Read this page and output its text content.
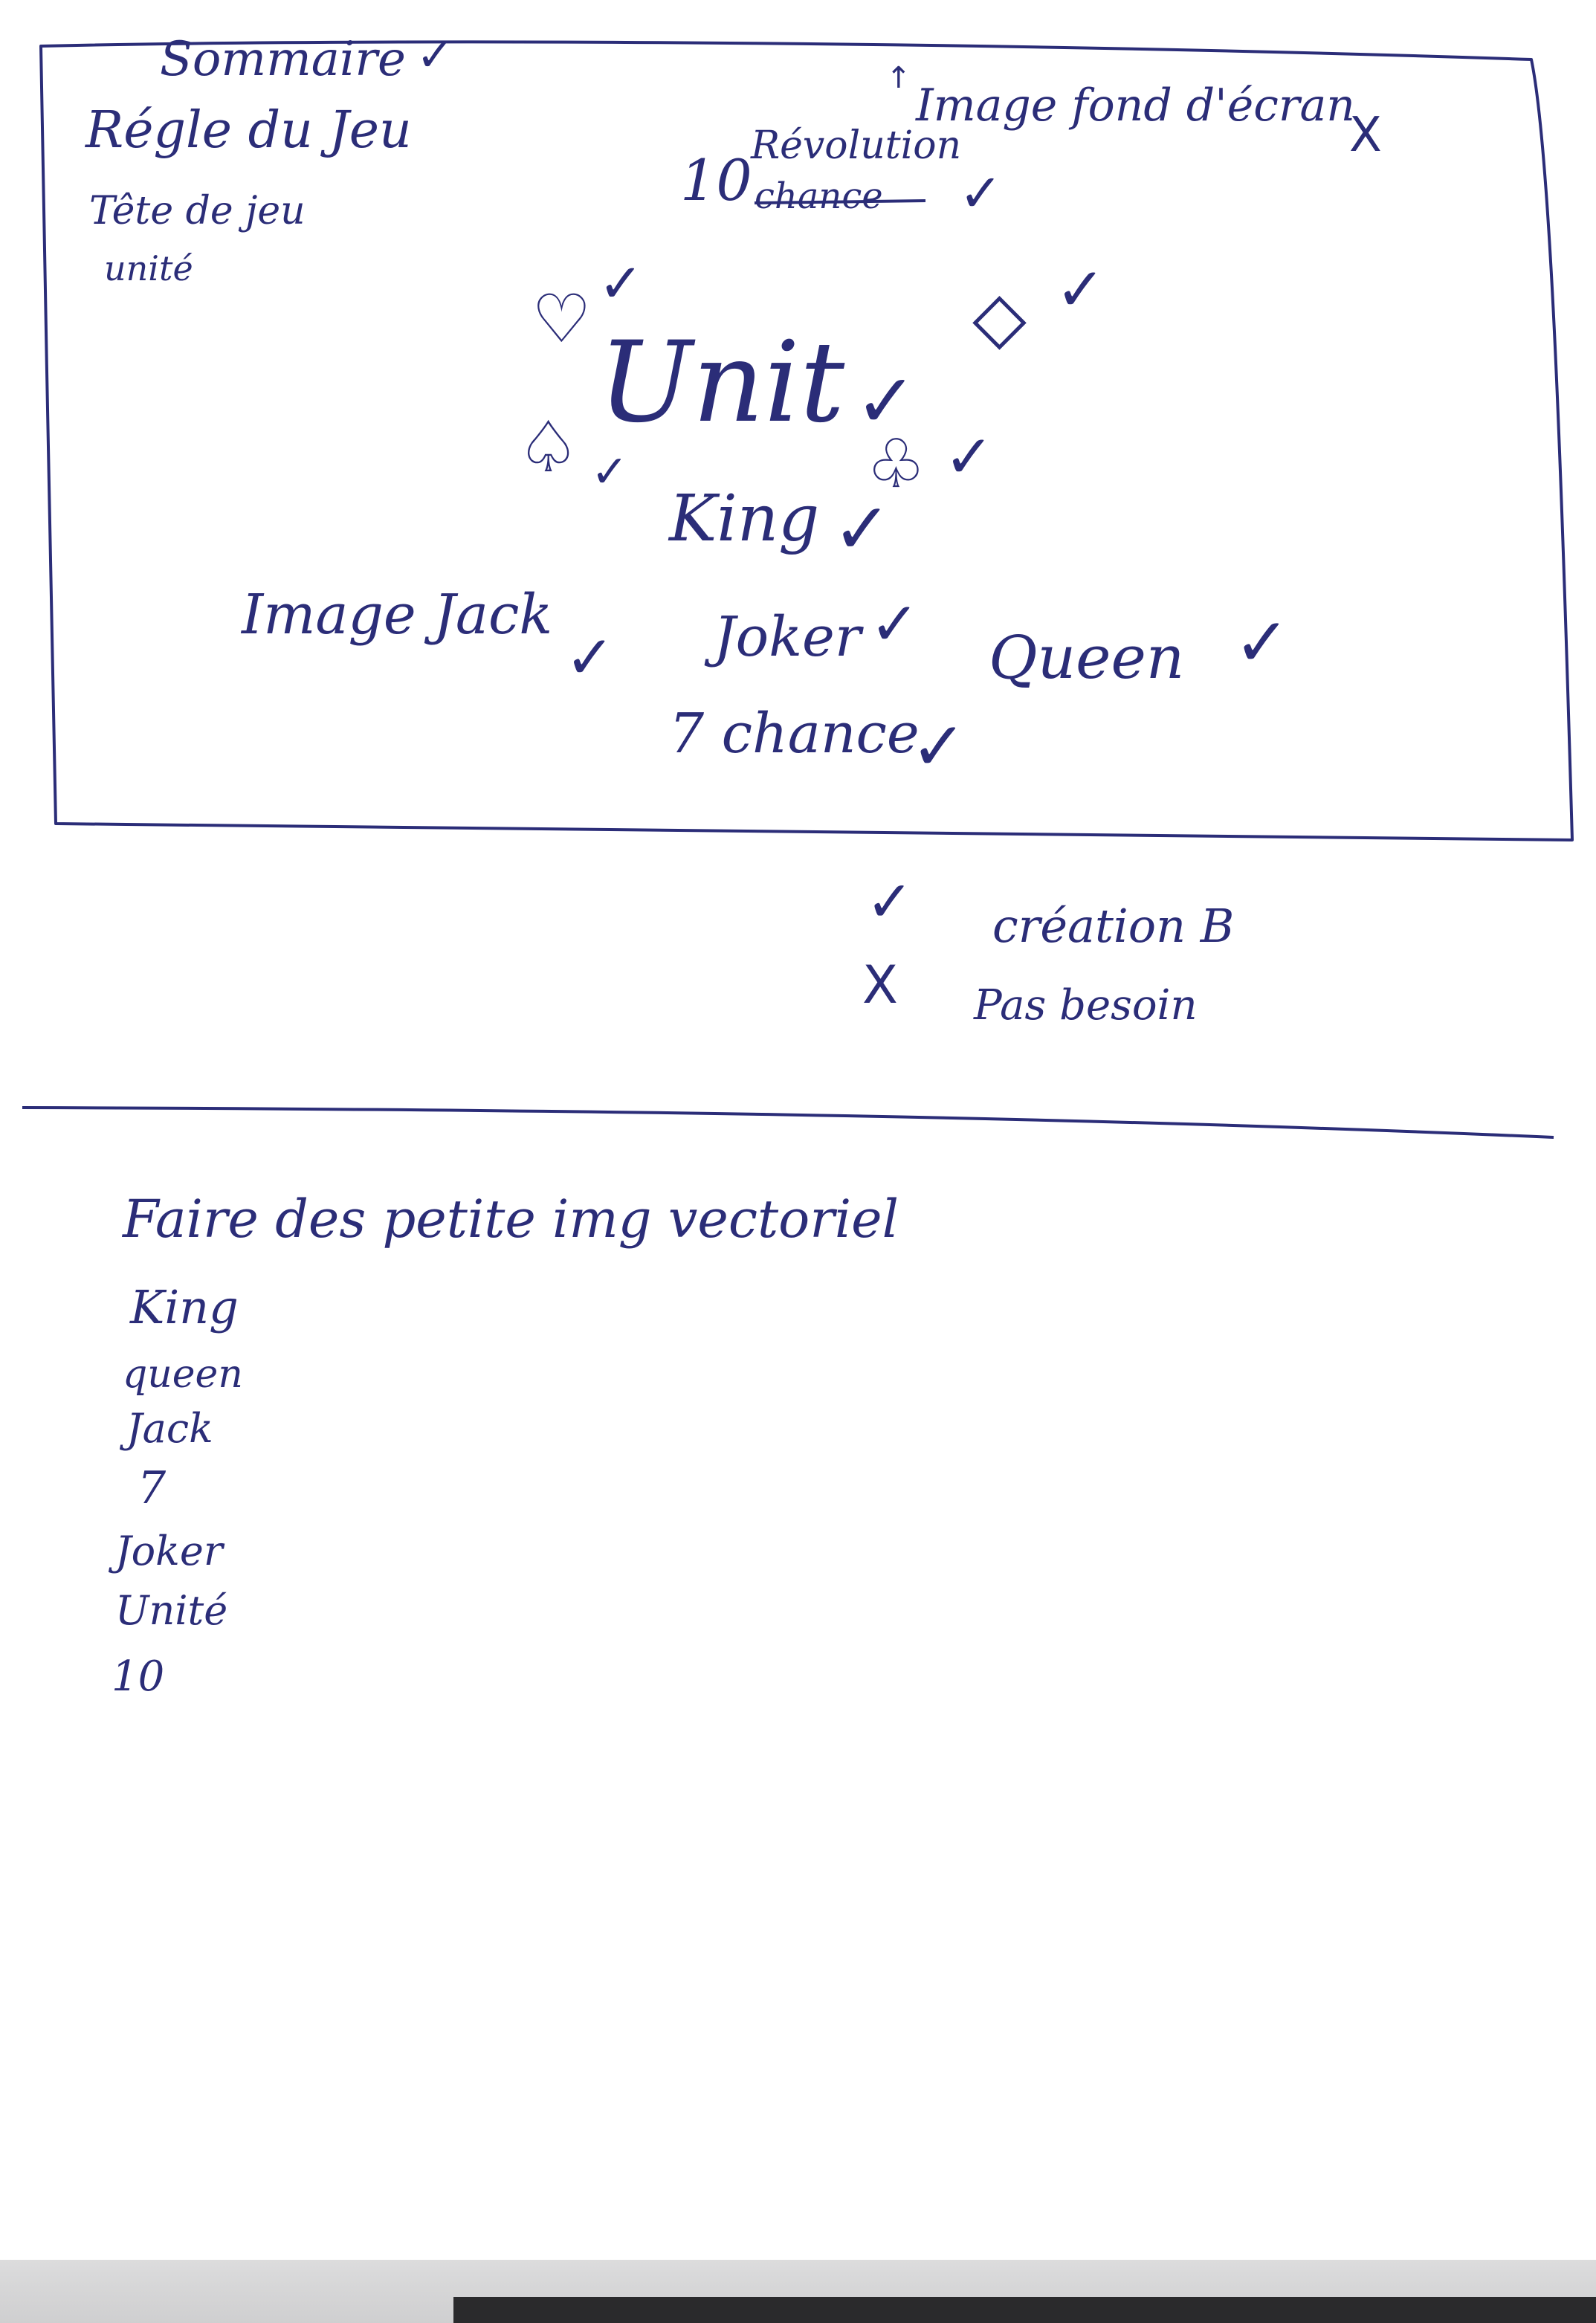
Sommaire ✓
Régle du Jeu
Tête de jeu
unité
↑
Image fond d'écran
X
10
Révolution
chance ✓
♡ ✓	◇ ✓
Unit ✓
♤ ✓	♧ ✓
King ✓
Image Jack
✓ Joker ✓ Queen ✓
7 chance
✓
✓ création B
X Pas besoin
Faire des petite img vectoriel
King
queen
Jack
7
Joker
Unité
10
